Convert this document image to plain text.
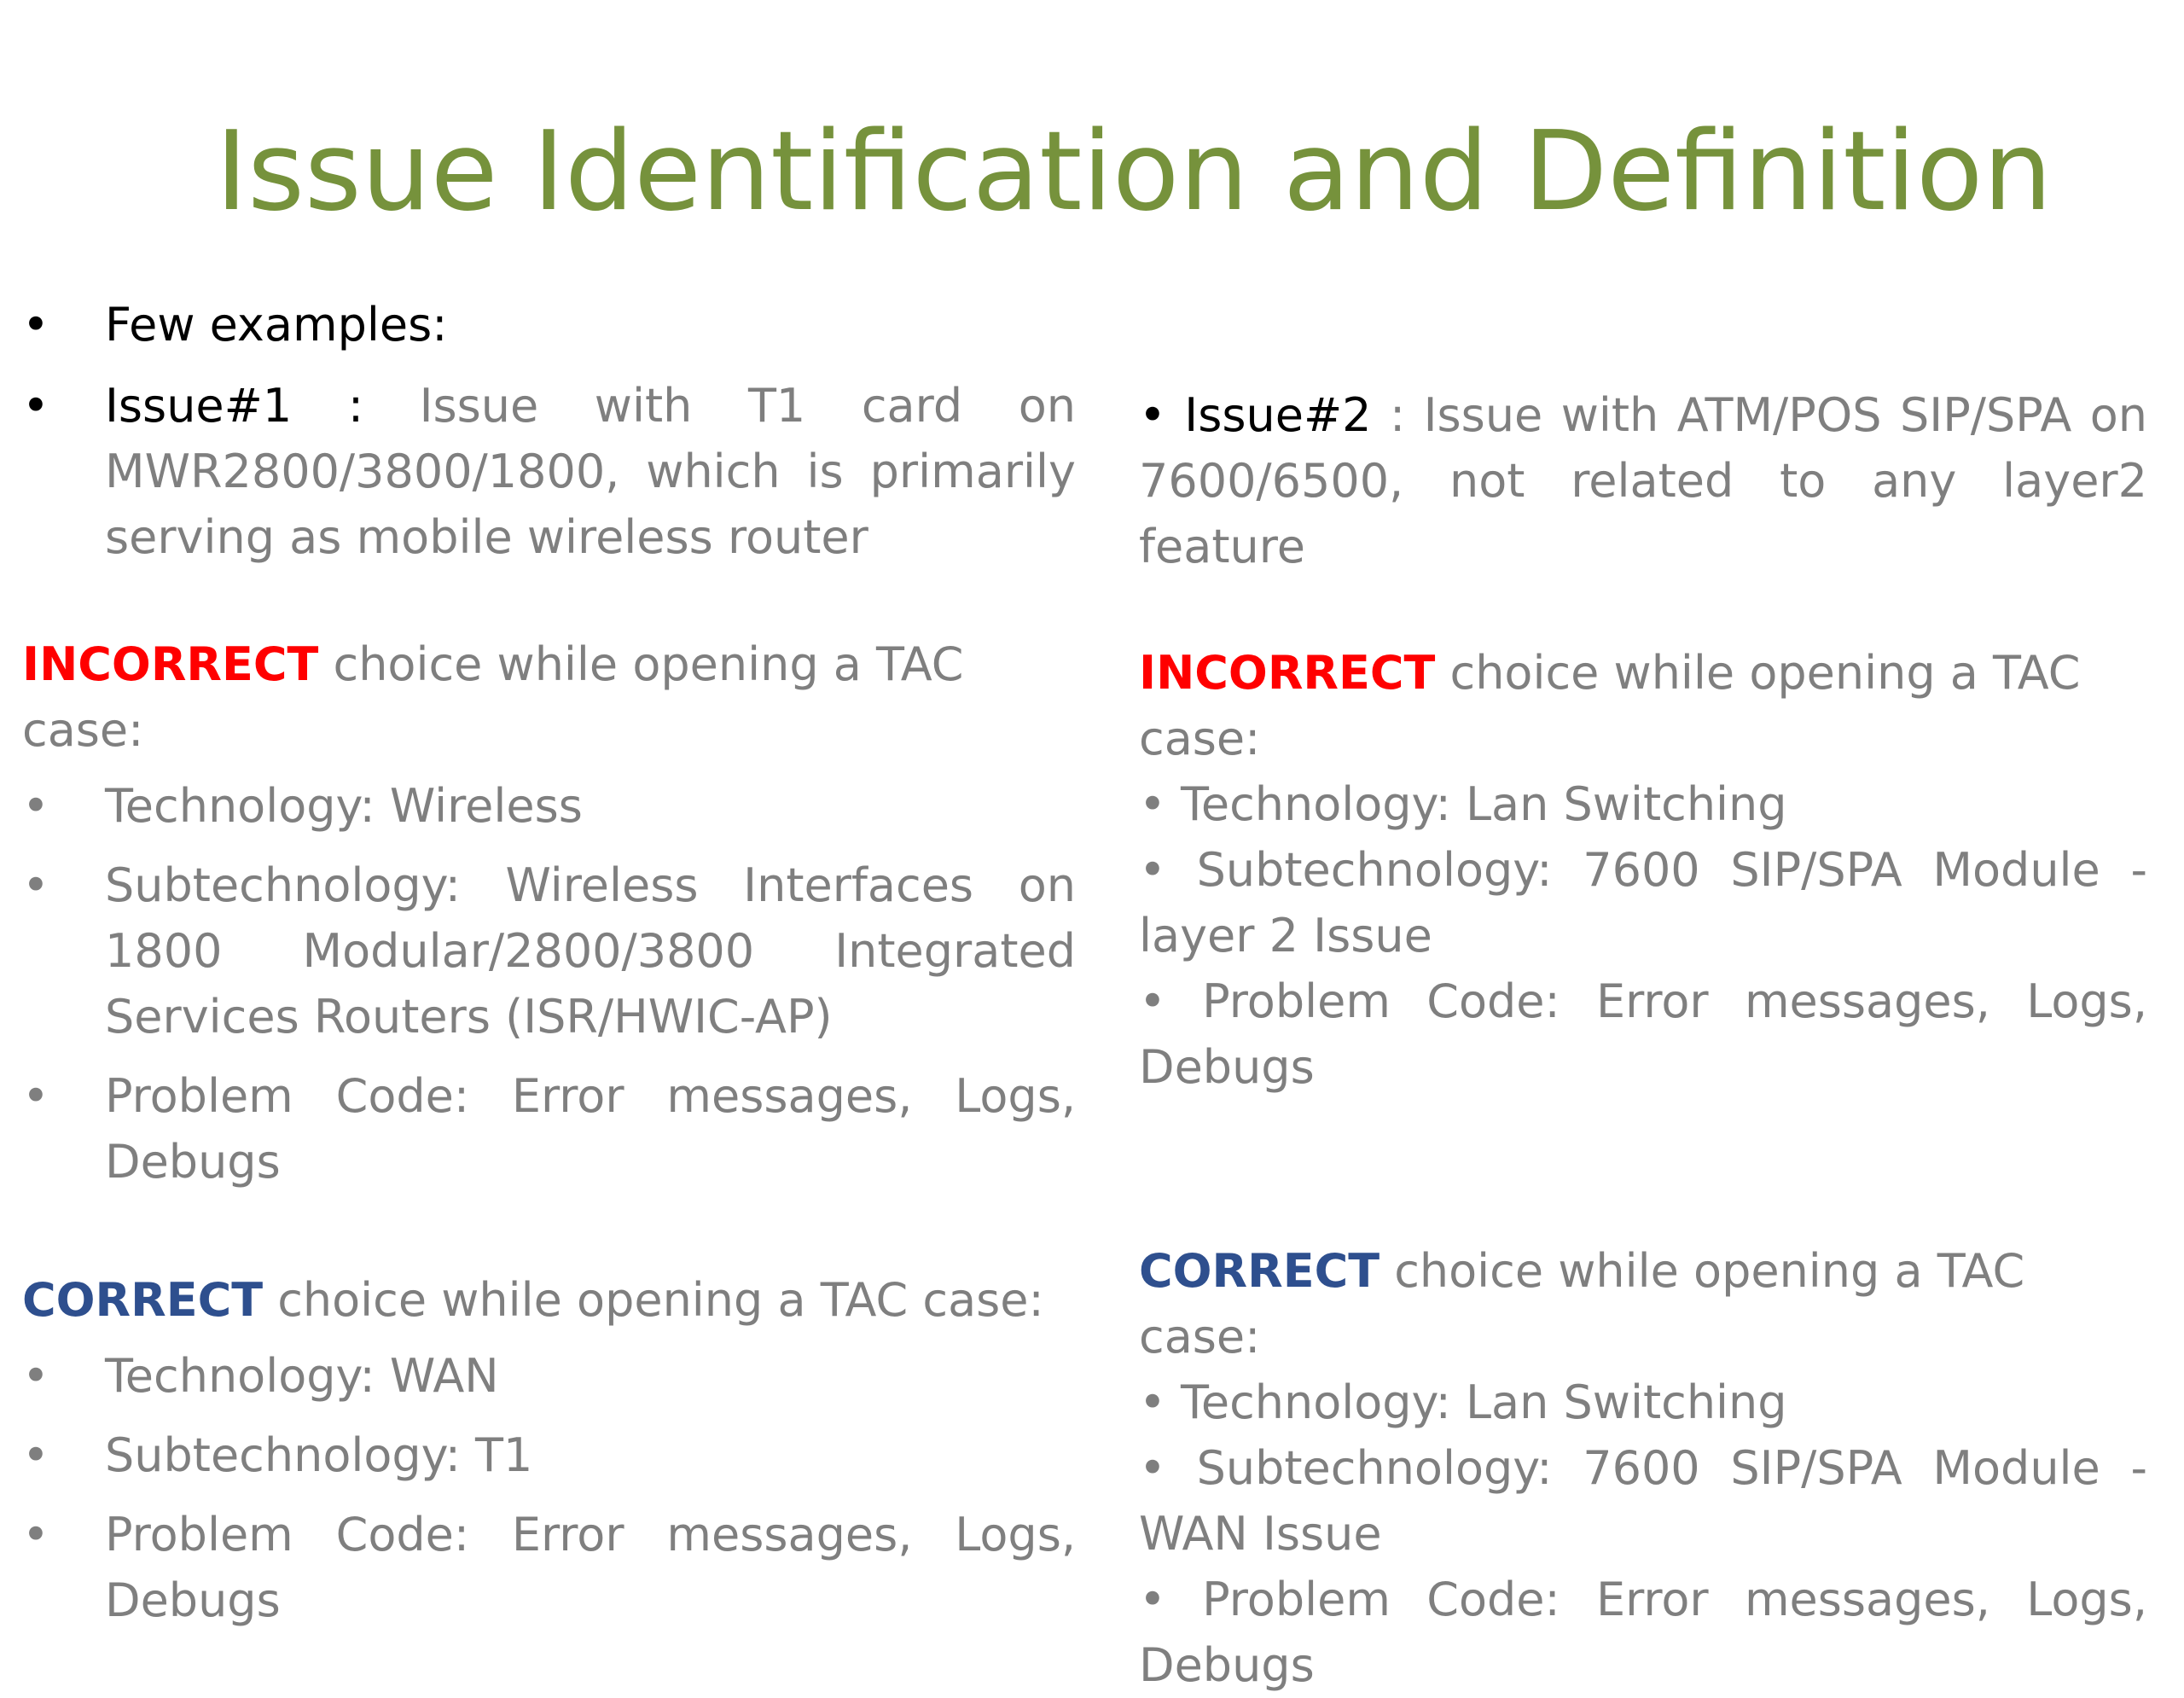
Issue Identification and Definition

• Few examples:

• Issue#1 : Issue with T1 card on MWR2800/3800/1800, which is primarily serving as mobile wireless router

INCORRECT choice while opening a TAC case:

• Technology: Wireless

• Subtechnology: Wireless Interfaces on 1800 Modular/2800/3800 Integrated Services Routers (ISR/HWIC-AP)

• Problem Code: Error messages, Logs, Debugs

CORRECT choice while opening a TAC case:

• Technology: WAN

• Subtechnology: T1

• Problem Code: Error messages, Logs, Debugs

• Issue#2 : Issue with ATM/POS SIP/SPA on 7600/6500, not related to any layer2 feature

INCORRECT choice while opening a TAC case:

• Technology: Lan Switching

• Subtechnology: 7600 SIP/SPA Module - layer 2 Issue

• Problem Code: Error messages, Logs, Debugs

CORRECT choice while opening a TAC case:

• Technology: Lan Switching

• Subtechnology: 7600 SIP/SPA Module - WAN Issue

• Problem Code: Error messages, Logs, Debugs
